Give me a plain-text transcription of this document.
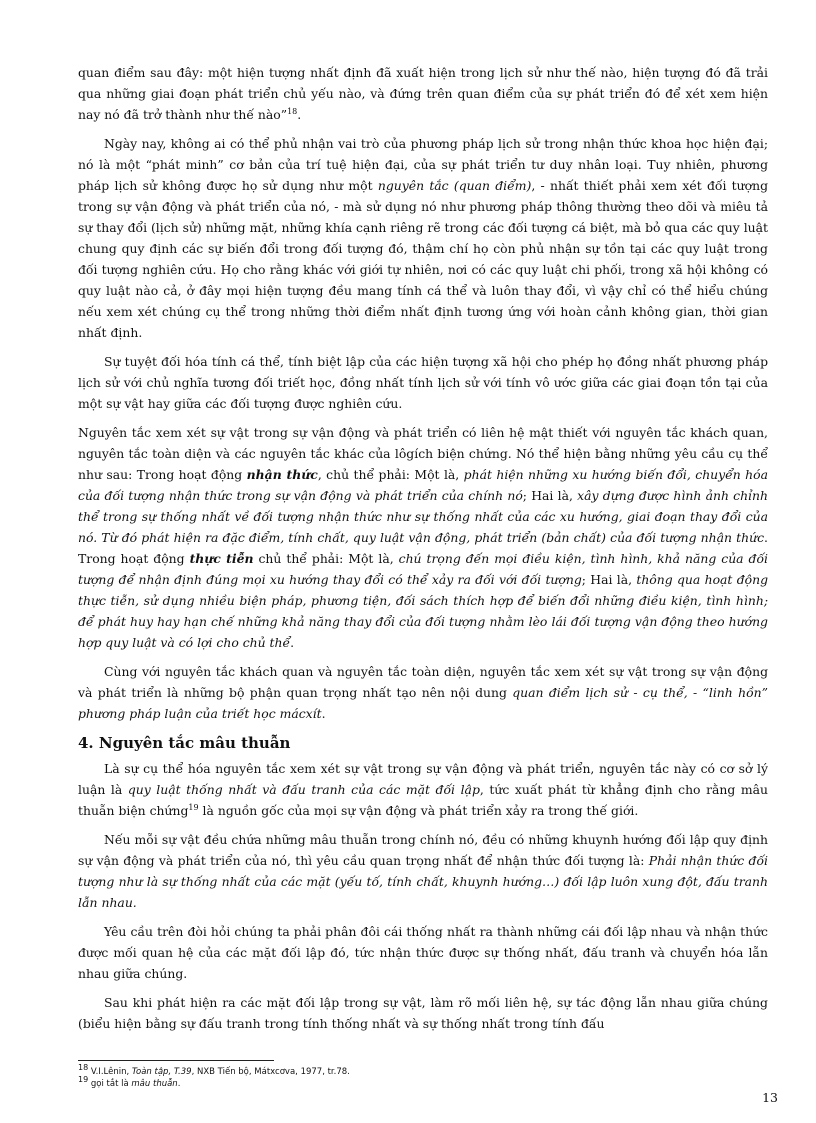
quan điểm sau đây: một hiện tượng nhất định đã xuất hiện trong lịch sử như thế nào, hiện tượng đó đã trải qua những giai đoạn phát triển chủ yếu nào, và đứng trên quan điểm của sự phát triển đó để xét xem hiện nay nó đã trở thành như thế nào”$^{18}$.

Ngày nay, không ai có thể phủ nhận vai trò của phương pháp lịch sử trong nhận thức khoa học hiện đại; nó là một “phát minh” cơ bản của trí tuệ hiện đại, của sự phát triển tư duy nhân loại. Tuy nhiên, phương pháp lịch sử không được họ sử dụng như một nguyên tắc (quan điểm), - nhất thiết phải xem xét đối tượng trong sự vận động và phát triển của nó, - mà sử dụng nó như phương pháp thông thường theo dõi và miêu tả sự thay đổi (lịch sử) những mặt, những khía cạnh riêng rẽ trong các đối tượng cá biệt, mà bỏ qua các quy luật chung quy định các sự biến đổi trong đối tượng đó, thậm chí họ còn phủ nhận sự tồn tại các quy luật trong đối tượng nghiên cứu. Họ cho rằng khác với giới tự nhiên, nơi có các quy luật chi phối, trong xã hội không có quy luật nào cả, ở đây mọi hiện tượng đều mang tính cá thể và luôn thay đổi, vì vậy chỉ có thể hiểu chúng nếu xem xét chúng cụ thể trong những thời điểm nhất định tương ứng với hoàn cảnh không gian, thời gian nhất định.

Sự tuyệt đối hóa tính cá thể, tính biệt lập của các hiện tượng xã hội cho phép họ đồng nhất phương pháp lịch sử với chủ nghĩa tương đối triết học, đồng nhất tính lịch sử với tính vô ước giữa các giai đoạn tồn tại của một sự vật hay giữa các đối tượng được nghiên cứu.

Nguyên tắc xem xét sự vật trong sự vận động và phát triển có liên hệ mật thiết với nguyên tắc khách quan, nguyên tắc toàn diện và các nguyên tắc khác của lôgích biện chứng. Nó thể hiện bằng những yêu cầu cụ thể như sau: Trong hoạt động nhận thức, chủ thể phải: Một là, phát hiện những xu hướng biến đổi, chuyển hóa của đối tượng nhận thức trong sự vận động và phát triển của chính nó; Hai là, xây dựng được hình ảnh chỉnh thể trong sự thống nhất về đối tượng nhận thức như sự thống nhất của các xu hướng, giai đoạn thay đổi của nó. Từ đó phát hiện ra đặc điểm, tính chất, quy luật vận động, phát triển (bản chất) của đối tượng nhận thức. Trong hoạt động thực tiễn chủ thể phải: Một là, chú trọng đến mọi điều kiện, tình hình, khả năng của đối tượng để nhận định đúng mọi xu hướng thay đổi có thể xảy ra đối với đối tượng; Hai là, thông qua hoạt động thực tiễn, sử dụng nhiều biện pháp, phương tiện, đối sách thích hợp để biến đổi những điều kiện, tình hình; để phát huy hay hạn chế những khả năng thay đổi của đối tượng nhằm lèo lái đối tượng vận động theo hướng hợp quy luật và có lợi cho chủ thể.

Cùng với nguyên tắc khách quan và nguyên tắc toàn diện, nguyên tắc xem xét sự vật trong sự vận động và phát triển là những bộ phận quan trọng nhất tạo nên nội dung quan điểm lịch sử - cụ thể, - “linh hồn” phương pháp luận của triết học mácxít.

4. Nguyên tắc mâu thuẫn

Là sự cụ thể hóa nguyên tắc xem xét sự vật trong sự vận động và phát triển, nguyên tắc này có cơ sở lý luận là quy luật thống nhất và đấu tranh của các mặt đối lập, tức xuất phát từ khẳng định cho rằng mâu thuẫn biện chứng$^{19}$ là nguồn gốc của mọi sự vận động và phát triển xảy ra trong thế giới.

Nếu mỗi sự vật đều chứa những mâu thuẫn trong chính nó, đều có những khuynh hướng đối lập quy định sự vận động và phát triển của nó, thì yêu cầu quan trọng nhất để nhận thức đối tượng là: Phải nhận thức đối tượng như là sự thống nhất của các mặt (yếu tố, tính chất, khuynh hướng…) đối lập luôn xung đột, đấu tranh lẫn nhau.

Yêu cầu trên đòi hỏi chúng ta phải phân đôi cái thống nhất ra thành những cái đối lập nhau và nhận thức được mối quan hệ của các mặt đối lập đó, tức nhận thức được sự thống nhất, đấu tranh và chuyển hóa lẫn nhau giữa chúng.

Sau khi phát hiện ra các mặt đối lập trong sự vật, làm rõ mối liên hệ, sự tác động lẫn nhau giữa chúng (biểu hiện bằng sự đấu tranh trong tính thống nhất và sự thống nhất trong tính đấu

$^{18}$ V.I.Lênin, Toàn tập, T.39, NXB Tiến bộ, Mátxcơva, 1977, tr.78.
$^{19}$ gọi tắt là mâu thuẫn.
13
